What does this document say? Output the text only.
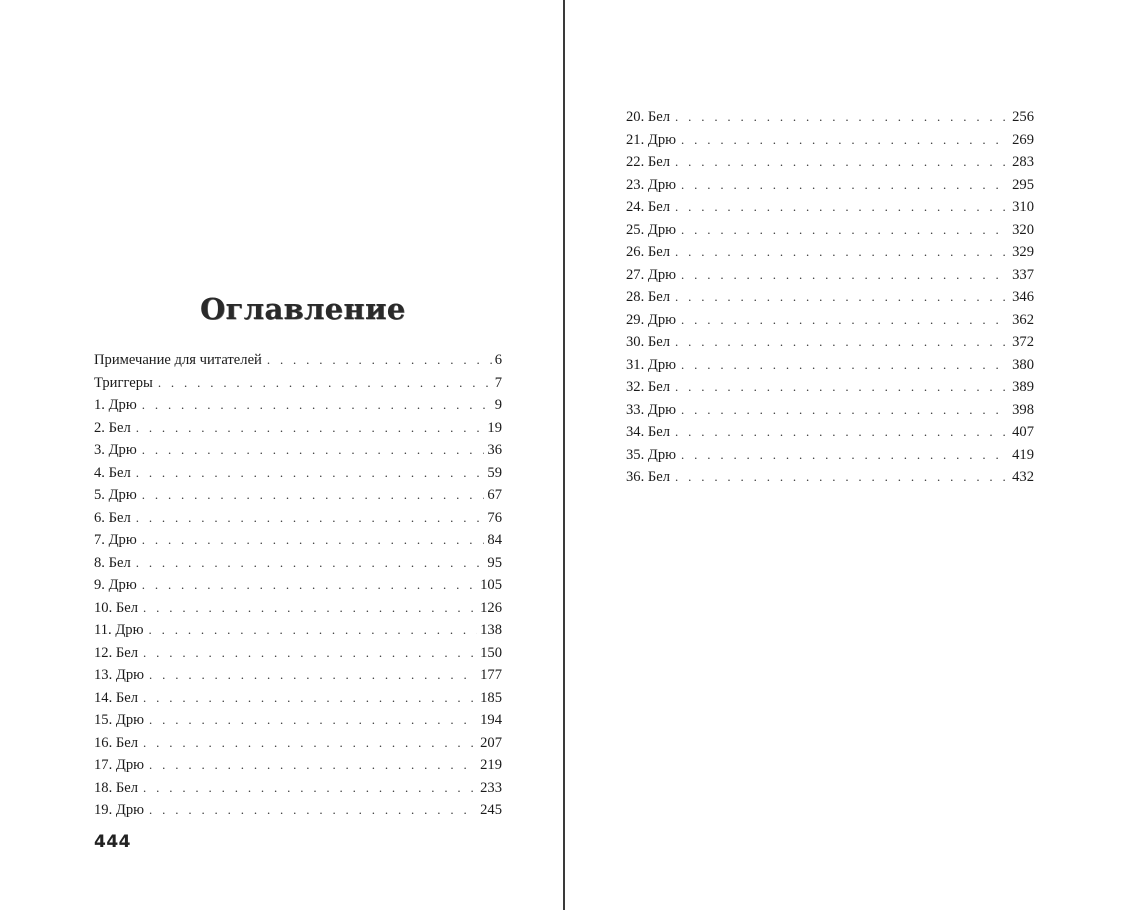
Оглавление
Примечание для читателей . . .	6
Триггеры . . .	7
1. Дрю . . .	9
2. Бел . . .	19
3. Дрю . . .	36
4. Бел . . .	59
5. Дрю . . .	67
6. Бел . . .	76
7. Дрю . . .	84
8. Бел . . .	95
9. Дрю . . .	105
10. Бел . . .	126
11. Дрю . . .	138
12. Бел . . .	150
13. Дрю . . .	177
14. Бел . . .	185
15. Дрю . . .	194
16. Бел . . .	207
17. Дрю . . .	219
18. Бел . . .	233
19. Дрю . . .	245
444
20. Бел . . .	256
21. Дрю . . .	269
22. Бел . . .	283
23. Дрю . . .	295
24. Бел . . .	310
25. Дрю . . .	320
26. Бел . . .	329
27. Дрю . . .	337
28. Бел . . .	346
29. Дрю . . .	362
30. Бел . . .	372
31. Дрю . . .	380
32. Бел . . .	389
33. Дрю . . .	398
34. Бел . . .	407
35. Дрю . . .	419
36. Бел . . .	432
